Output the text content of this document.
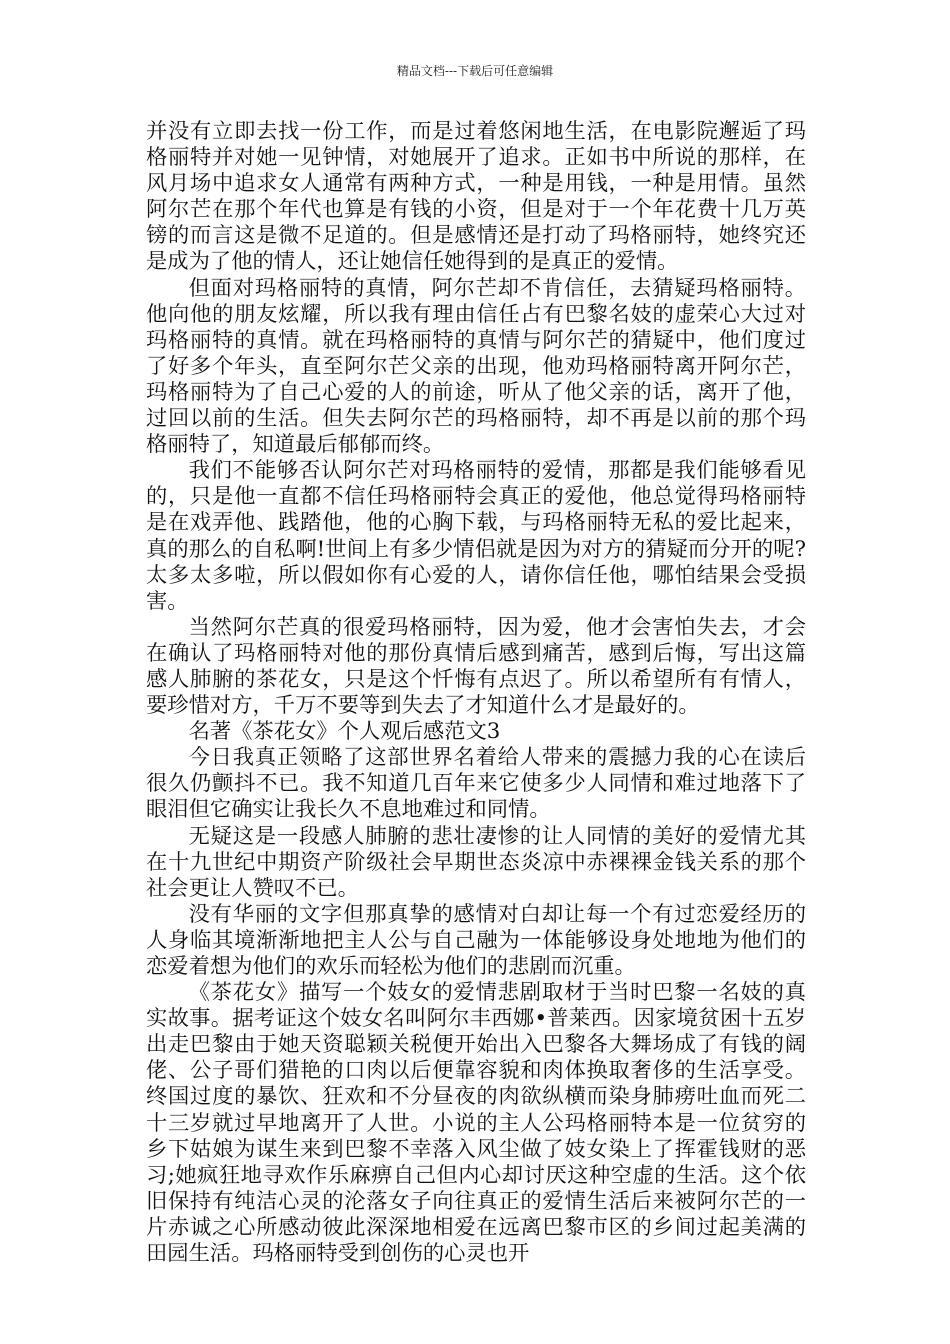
精品文档---下载后可任意编辑

并没有立即去找一份工作，而是过着悠闲地生活，在电影院邂逅了玛格丽特并对她一见钟情，对她展开了追求。正如书中所说的那样，在风月场中追求女人通常有两种方式，一种是用钱，一种是用情。虽然阿尔芒在那个年代也算是有钱的小资，但是对于一个年花费十几万英镑的而言这是微不足道的。但是感情还是打动了玛格丽特，她终究还是成为了他的情人，还让她信任她得到的是真正的爱情。

但面对玛格丽特的真情，阿尔芒却不肯信任，去猜疑玛格丽特。他向他的朋友炫耀，所以我有理由信任占有巴黎名妓的虚荣心大过对玛格丽特的真情。就在玛格丽特的真情与阿尔芒的猜疑中，他们度过了好多个年头，直至阿尔芒父亲的出现，他劝玛格丽特离开阿尔芒，玛格丽特为了自己心爱的人的前途，听从了他父亲的话，离开了他，过回以前的生活。但失去阿尔芒的玛格丽特，却不再是以前的那个玛格丽特了，知道最后郁郁而终。

我们不能够否认阿尔芒对玛格丽特的爱情，那都是我们能够看见的，只是他一直都不信任玛格丽特会真正的爱他，他总觉得玛格丽特是在戏弄他、践踏他，他的心胸下载，与玛格丽特无私的爱比起来，真的那么的自私啊!世间上有多少情侣就是因为对方的猜疑而分开的呢?太多太多啦，所以假如你有心爱的人，请你信任他，哪怕结果会受损害。

当然阿尔芒真的很爱玛格丽特，因为爱，他才会害怕失去，才会在确认了玛格丽特对他的那份真情后感到痛苦，感到后悔，写出这篇感人肺腑的茶花女，只是这个忏悔有点迟了。所以希望所有有情人，要珍惜对方，千万不要等到失去了才知道什么才是最好的。

名著《茶花女》个人观后感范文3

今日我真正领略了这部世界名着给人带来的震撼力我的心在读后很久仍颤抖不已。我不知道几百年来它使多少人同情和难过地落下了眼泪但它确实让我长久不息地难过和同情。

无疑这是一段感人肺腑的悲壮凄惨的让人同情的美好的爱情尤其在十九世纪中期资产阶级社会早期世态炎凉中赤裸裸金钱关系的那个社会更让人赞叹不已。

没有华丽的文字但那真挚的感情对白却让每一个有过恋爱经历的人身临其境渐渐地把主人公与自己融为一体能够设身处地地为他们的恋爱着想为他们的欢乐而轻松为他们的悲剧而沉重。

《茶花女》描写一个妓女的爱情悲剧取材于当时巴黎一名妓的真实故事。据考证这个妓女名叫阿尔丰西娜•普莱西。因家境贫困十五岁出走巴黎由于她天资聪颖关税便开始出入巴黎各大舞场成了有钱的阔佬、公子哥们猎艳的口肉以后便靠容貌和肉体换取奢侈的生活享受。终国过度的暴饮、狂欢和不分昼夜的肉欲纵横而染身肺痨吐血而死二十三岁就过早地离开了人世。小说的主人公玛格丽特本是一位贫穷的乡下姑娘为谋生来到巴黎不幸落入风尘做了妓女染上了挥霍钱财的恶习;她疯狂地寻欢作乐麻痹自己但内心却讨厌这种空虚的生活。这个依旧保持有纯洁心灵的沦落女子向往真正的爱情生活后来被阿尔芒的一片赤诚之心所感动彼此深深地相爱在远离巴黎市区的乡间过起美满的田园生活。玛格丽特受到创伤的心灵也开
